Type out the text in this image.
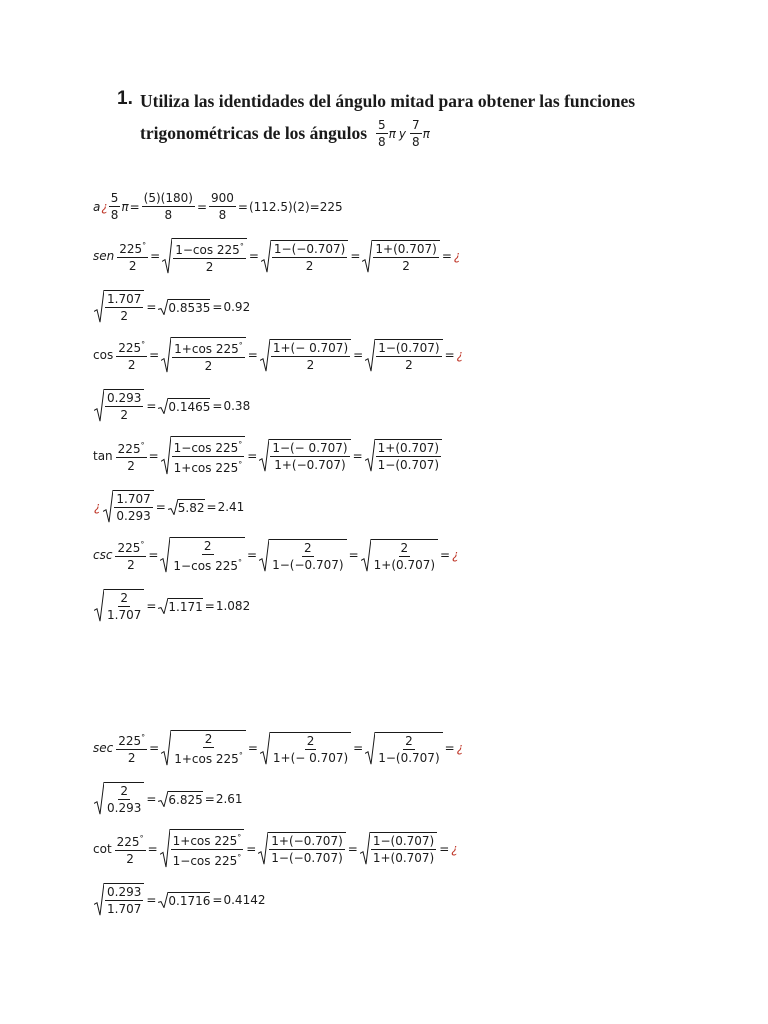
1. Utiliza las identidades del ángulo mitad para obtener las funciones
trigonométricas de los ángulos $\frac{5}{8}$ π y $\frac{7}{8}$ π
a ¿ $\frac{5}{8}$ $\pi = \frac{(5)(180)}{8} = \frac{900}{8} = (112.5)(2)=225$
sen $\frac{225^\circ}{2} = \frac{1-\cos 225^\circ}{2} = \frac{1-(-0.707)}{2} = \frac{1+(0.707)}{2}$ = ¿
$\frac{1.707}{2} = 0.8535 = 0.92$
$\cos \frac{225^\circ}{2} = \frac{1+\cos 225^\circ}{2} = \frac{1+(- 0.707)}{2} = \frac{1-(0.707)}{2}$ = ¿
$\frac{0.293}{2} = 0.1465 = 0.38$
$\tan \frac{225^\circ}{2} = \frac{1-\cos 225^\circ}{1+\cos 225^\circ} = \frac{1-(- 0.707)}{1+(-0.707)} = \frac{1+(0.707)}{1-(0.707)}$
¿ $\frac{1.707}{0.293} = 5.82 = 2.41$
$\csc \frac{225^\circ}{2} = \frac{2}{1-\cos 225^\circ} = \frac{2}{1-(-0.707)} = \frac{2}{1+(0.707)}$ = ¿
$\frac{2}{1.707} = 1.171 = 1.082$
$\sec \frac{225^\circ}{2} = \frac{2}{1+\cos 225^\circ} = \frac{2}{1+(- 0.707)} = \frac{2}{1-(0.707)}$ = ¿
$\frac{2}{0.293} = 6.825 = 2.61$
$\cot \frac{225^\circ}{2} = \frac{1+\cos 225^\circ}{1-\cos 225^\circ} = \frac{1+(-0.707)}{1-(-0.707)} = \frac{1-(0.707)}{1+(0.707)}$ = ¿
$\frac{0.293}{1.707} = 0.1716 = 0.4142$
